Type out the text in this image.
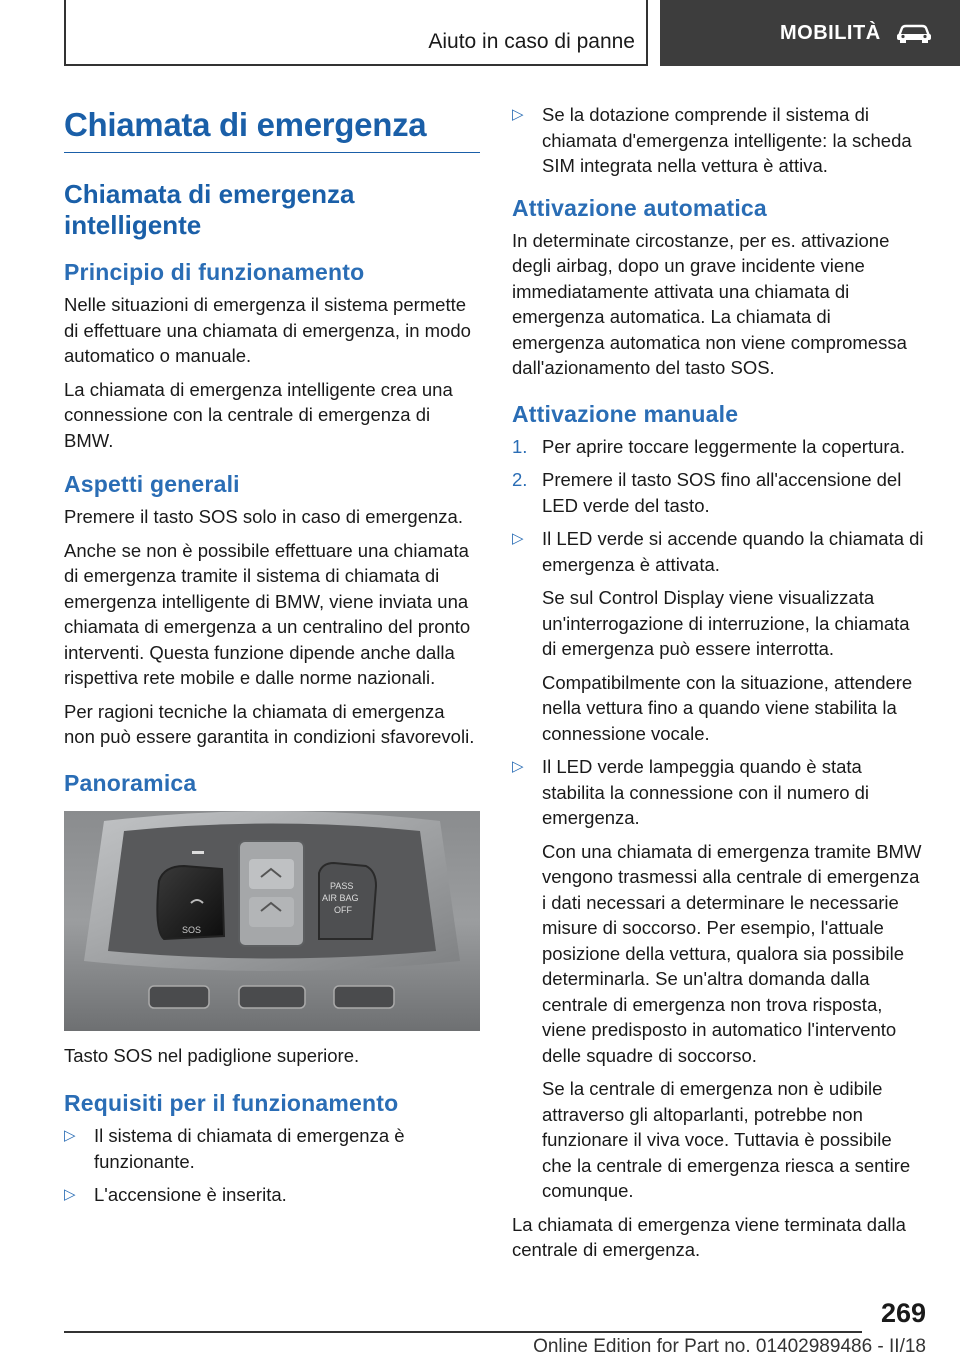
Aiuto in caso di panne	MOBILITÀ
Chiamata di emergenza
Chiamata di emergenza intelligente
Principio di funzionamento

Nelle situazioni di emergenza il sistema permette di effettuare una chiamata di emergenza, in modo automatico o manuale.

La chiamata di emergenza intelligente crea una connessione con la centrale di emergenza di BMW.

Aspetti generali

Premere il tasto SOS solo in caso di emergenza.

Anche se non è possibile effettuare una chiamata di emergenza tramite il sistema di chiamata di emergenza intelligente di BMW, viene inviata una chiamata di emergenza a un centralino del pronto interventi. Questa funzione dipende anche dalla rispettiva rete mobile e dalle norme nazionali.

Per ragioni tecniche la chiamata di emergenza non può essere garantita in condizioni sfavorevoli.

Panoramica
SOS
PASS
AIR BAG
OFF

Tasto SOS nel padiglione superiore.

Requisiti per il funzionamento
▷ Il sistema di chiamata di emergenza è funzionante.
▷ L'accensione è inserita.
▷ Se la dotazione comprende il sistema di chiamata d'emergenza intelligente: la scheda SIM integrata nella vettura è attiva.
Attivazione automatica

In determinate circostanze, per es. attivazione degli airbag, dopo un grave incidente viene immediatamente attivata una chiamata di emergenza automatica. La chiamata di emergenza automatica non viene compromessa dall'azionamento del tasto SOS.

Attivazione manuale
1. Per aprire toccare leggermente la copertura.
2. Premere il tasto SOS fino all'accensione del LED verde del tasto.
▷ Il LED verde si accende quando la chiamata di emergenza è attivata.
Se sul Control Display viene visualizzata un'interrogazione di interruzione, la chiamata di emergenza può essere interrotta.
Compatibilmente con la situazione, attendere nella vettura fino a quando viene stabilita la connessione vocale.
▷ Il LED verde lampeggia quando è stata stabilita la connessione con il numero di emergenza.
Con una chiamata di emergenza tramite BMW vengono trasmessi alla centrale di emergenza i dati necessari a determinare le necessarie misure di soccorso. Per esempio, l'attuale posizione della vettura, qualora sia possibile determinarla. Se un'altra domanda dalla centrale di emergenza non trova risposta, viene predisposto in automatico l'intervento delle squadre di soccorso.
Se la centrale di emergenza non è udibile attraverso gli altoparlanti, potrebbe non funzionare il viva voce. Tuttavia è possibile che la centrale di emergenza riesca a sentire comunque.

La chiamata di emergenza viene terminata dalla centrale di emergenza.

269
Online Edition for Part no. 01402989486 - II/18
